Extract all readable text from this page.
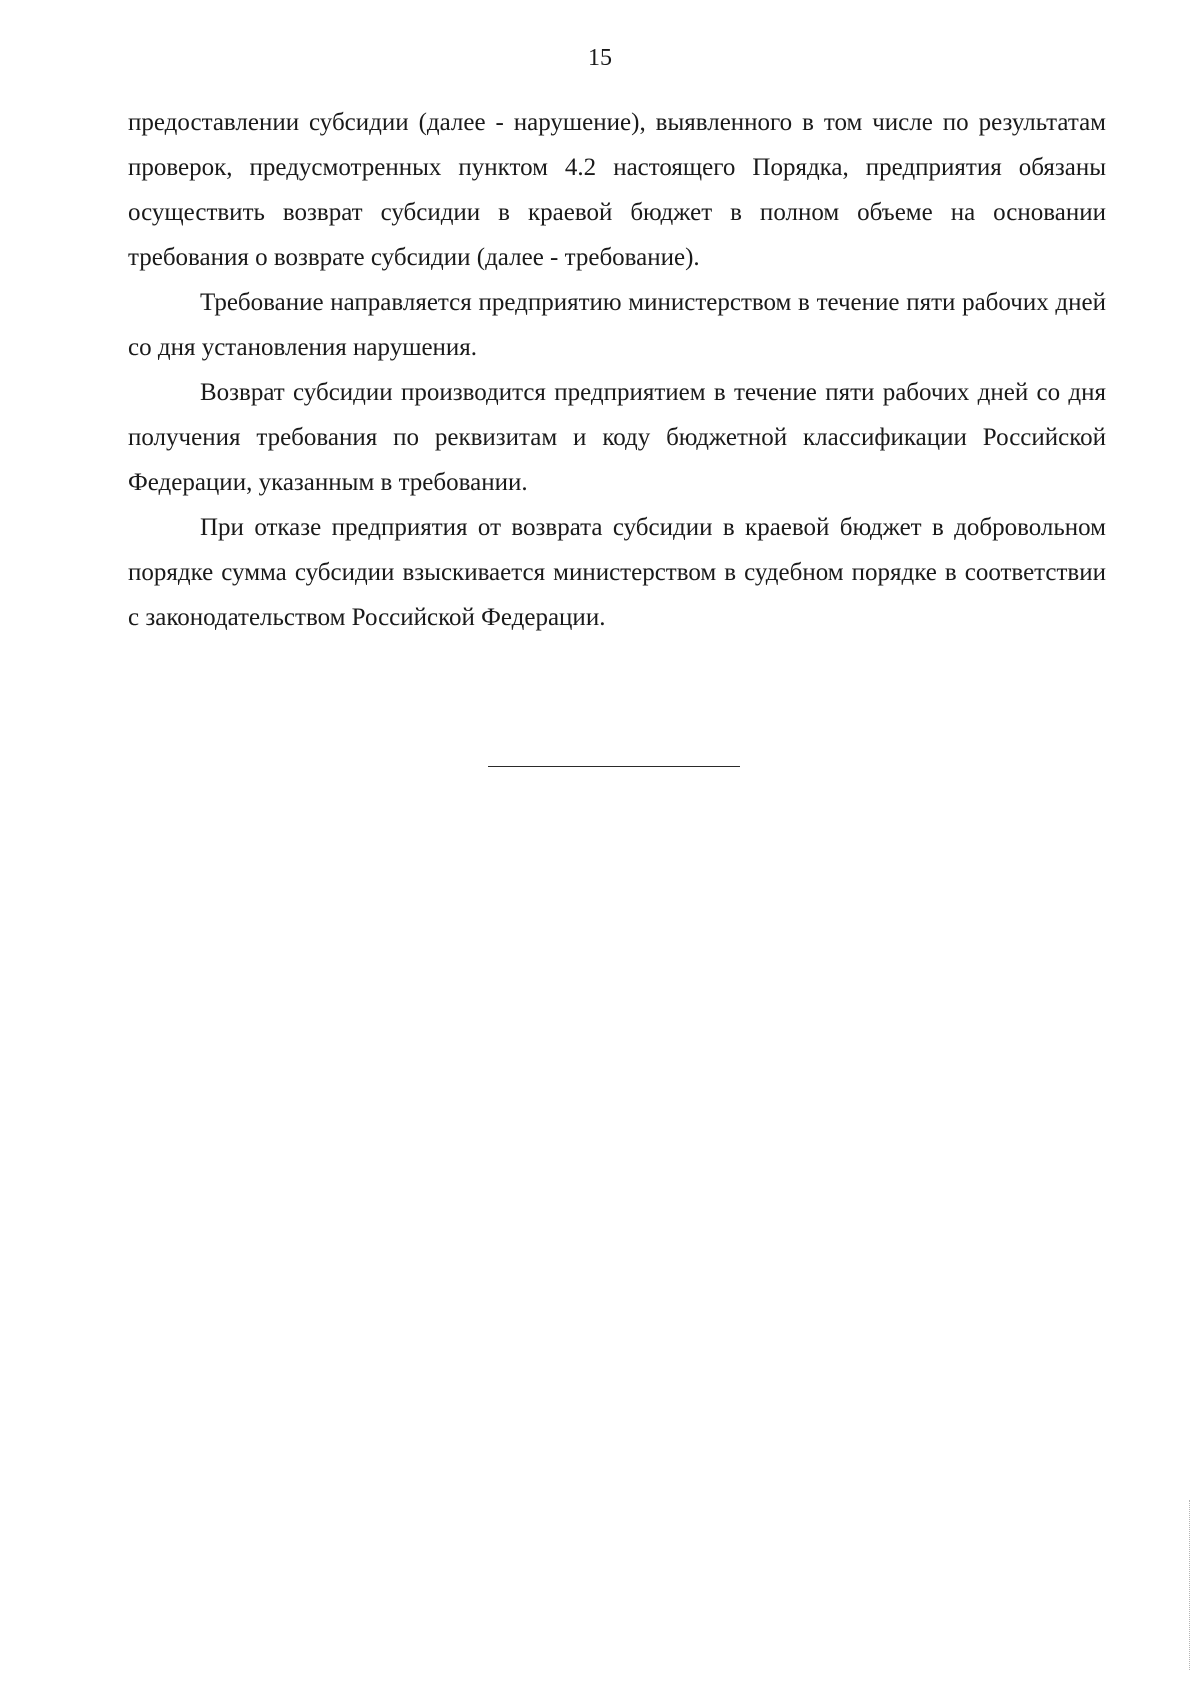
15

предоставлении субсидии (далее - нарушение), выявленного в том числе по результатам проверок, предусмотренных пунктом 4.2 настоящего Порядка, предприятия обязаны осуществить возврат субсидии в краевой бюджет в полном объеме на основании требования о возврате субсидии (далее - требование).

Требование направляется предприятию министерством в течение пяти рабочих дней со дня установления нарушения.

Возврат субсидии производится предприятием в течение пяти рабочих дней со дня получения требования по реквизитам и коду бюджетной классификации Российской Федерации, указанным в требовании.

При отказе предприятия от возврата субсидии в краевой бюджет в добровольном порядке сумма субсидии взыскивается министерством в судебном порядке в соответствии с законодательством Российской Федерации.
